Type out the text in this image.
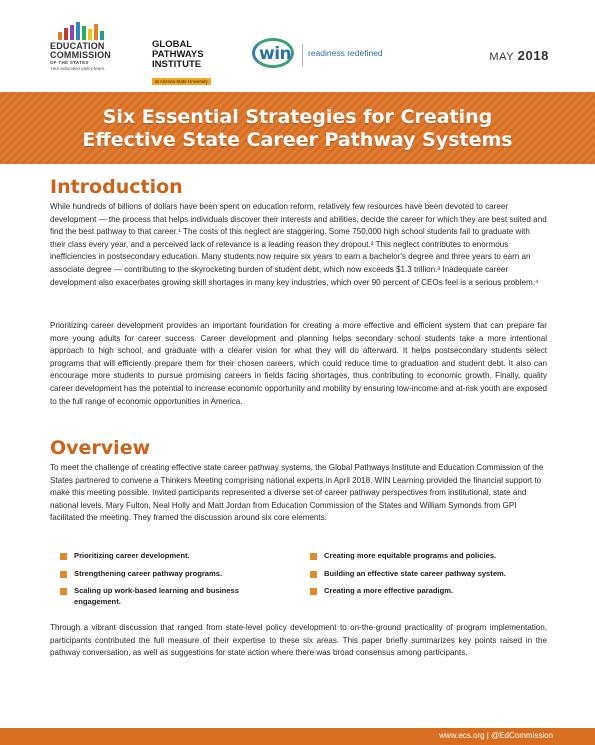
EDUCATION
COMMISSION
OF THE STATES
Your education policy team.
GLOBAL
PATHWAYS
INSTITUTE
at Arizona State University
win readiness redefined	MAY 2018
Six Essential Strategies for Creating
Effective State Career Pathway Systems
Introduction

While hundreds of billions of dollars have been spent on education reform, relatively few resources have been devoted to career development — the process that helps individuals discover their interests and abilities, decide the career for which they are best suited and find the best pathway to that career.¹ The costs of this neglect are staggering. Some 750,000 high school students fail to graduate with their class every year, and a perceived lack of relevance is a leading reason they dropout.² This neglect contributes to enormous inefficiencies in postsecondary education. Many students now require six years to earn a bachelor's degree and three years to earn an associate degree — contributing to the skyrocketing burden of student debt, which now exceeds $1.3 trillion.³ Inadequate career development also exacerbates growing skill shortages in many key industries, which over 90 percent of CEOs feel is a serious problem.⁴

Prioritizing career development provides an important foundation for creating a more effective and efficient system that can prepare far more young adults for career success. Career development and planning helps secondary school students take a more intentional approach to high school, and graduate with a clearer vision for what they will do afterward. It helps postsecondary students select programs that will efficiently prepare them for their chosen careers, which could reduce time to graduation and student debt. It also can encourage more students to pursue promising careers in fields facing shortages, thus contributing to economic growth. Finally, quality career development has the potential to increase economic opportunity and mobility by ensuring low-income and at-risk youth are exposed to the full range of economic opportunities in America.

Overview

To meet the challenge of creating effective state career pathway systems, the Global Pathways Institute and Education Commission of the States partnered to convene a Thinkers Meeting comprising national experts in April 2018. WIN Learning provided the financial support to make this meeting possible. Invited participants represented a diverse set of career pathway perspectives from institutional, state and national levels. Mary Fulton, Neal Holly and Matt Jordan from Education Commission of the States and William Symonds from GPI facilitated the meeting. They framed the discussion around six core elements:

Prioritizing career development.
Strengthening career pathway programs.
Scaling up work-based learning and business engagement.
Creating more equitable programs and policies.
Building an effective state career pathway system.
Creating a more effective paradigm.

Through a vibrant discussion that ranged from state-level policy development to on-the-ground practicality of program implementation, participants contributed the full measure of their expertise to these six areas. This paper briefly summarizes key points raised in the pathway conversation, as well as suggestions for state action where there was broad consensus among participants.

www.ecs.org | @EdCommission
